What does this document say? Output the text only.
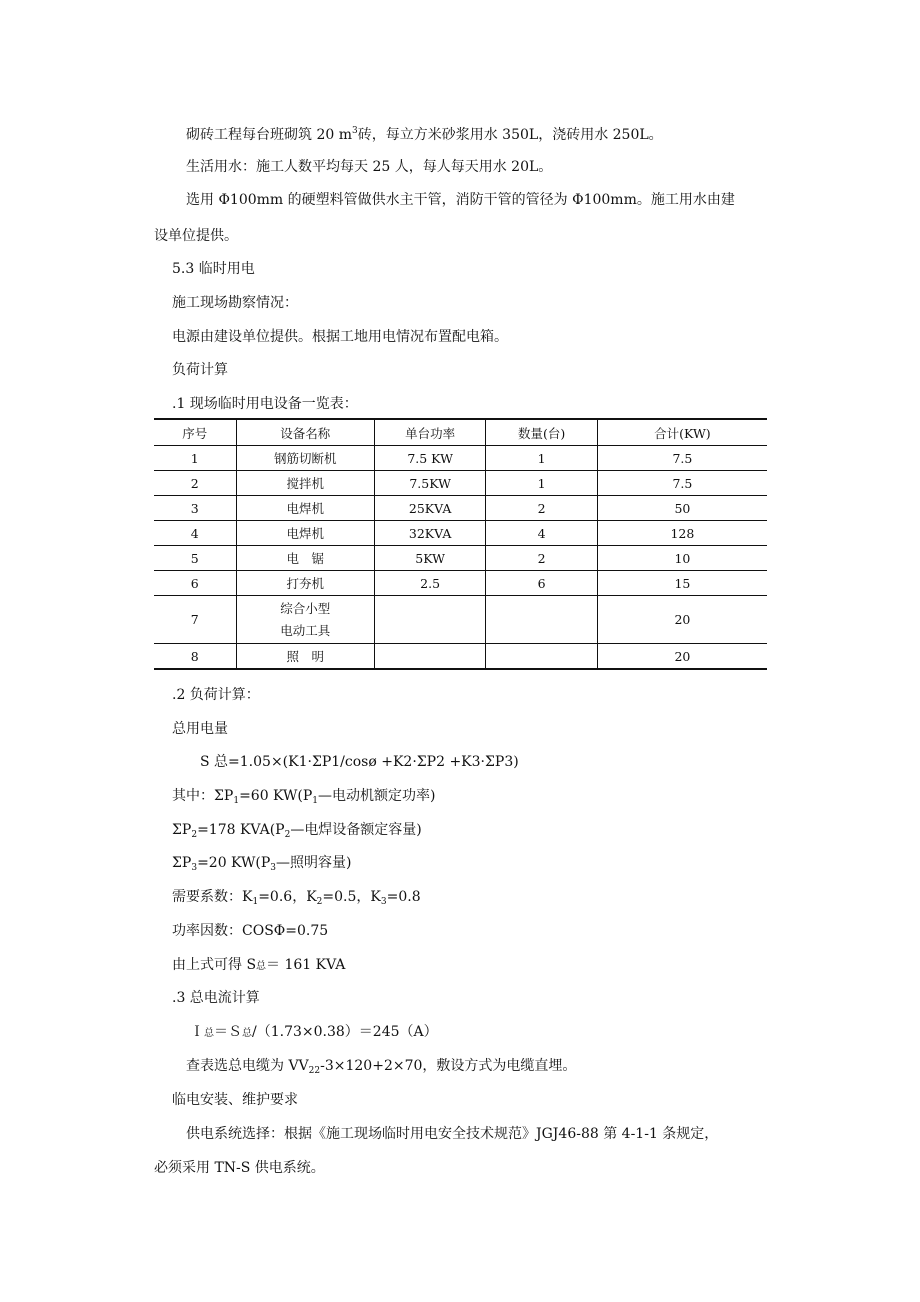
砌砖工程每台班砌筑 20 $m^3$砖，每立方米砂浆用水 350L，浇砖用水 250L。
生活用水：施工人数平均每天 25 人，每人每天用水 20L。
选用 Φ100mm 的硬塑料管做供水主干管，消防干管的管径为 Φ100mm。施工用水由建
设单位提供。
5.3 临时用电
施工现场勘察情况：
电源由建设单位提供。根据工地用电情况布置配电箱。
负荷计算
.1 现场临时用电设备一览表：
序号	设备名称	单台功率	数量(台)	合计(KW)
1	钢筋切断机	7.5 KW	1	7.5
2	搅拌机	7.5KW	1	7.5
3	电焊机	25KVA	2	50
4	电焊机	32KVA	4	128
5	电　锯	5KW	2	10
6	打夯机	2.5	6	15
7	综合小型
电动工具			20
8	照　明			20
.2 负荷计算：
总用电量
S 总=1.05×(K1·ΣP1/cosø +K2·ΣP2 +K3·ΣP3)
其中：$\Sigma P_1=60$ $KW(P_1—$电动机额定功率)
$\Sigma P_2=178$ $KVA(P_2—$电焊设备额定容量)
$\Sigma P_3=20$ $KW(P_3—$照明容量)
需要系数：$K_1=0.6$，$K_2=0.5$，$K_3=0.8$
功率因数：COSΦ=0.75
由上式可得 S总＝ 161 KVA
.3 总电流计算
Ｉ总＝Ｓ总/（1.73×0.38）＝245（A）
查表选总电缆为 $VV_{22}-3\times 120+2\times 70$，敷设方式为电缆直埋。
临电安装、维护要求
供电系统选择：根据《施工现场临时用电安全技术规范》JGJ46-88 第 4-1-1 条规定，
必须采用 TN-S 供电系统。
